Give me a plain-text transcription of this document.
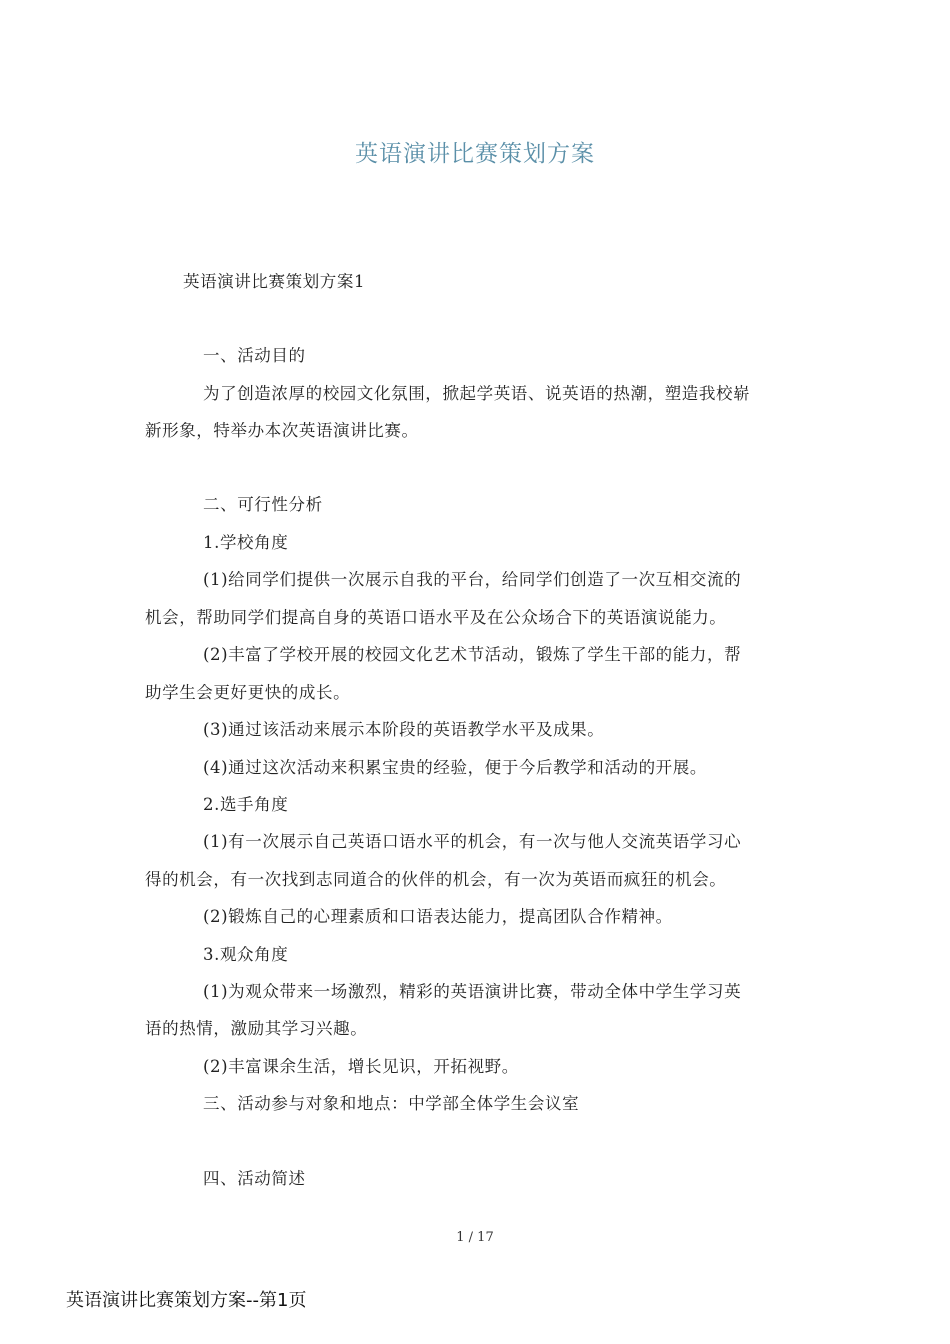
英语演讲比赛策划方案
英语演讲比赛策划方案1
一、活动目的
为了创造浓厚的校园文化氛围，掀起学英语、说英语的热潮，塑造我校崭
新形象，特举办本次英语演讲比赛。
二、可行性分析
1.学校角度
(1)给同学们提供一次展示自我的平台，给同学们创造了一次互相交流的
机会，帮助同学们提高自身的英语口语水平及在公众场合下的英语演说能力。
(2)丰富了学校开展的校园文化艺术节活动，锻炼了学生干部的能力，帮
助学生会更好更快的成长。
(3)通过该活动来展示本阶段的英语教学水平及成果。
(4)通过这次活动来积累宝贵的经验，便于今后教学和活动的开展。
2.选手角度
(1)有一次展示自己英语口语水平的机会，有一次与他人交流英语学习心
得的机会，有一次找到志同道合的伙伴的机会，有一次为英语而疯狂的机会。
(2)锻炼自己的心理素质和口语表达能力，提高团队合作精神。
3.观众角度
(1)为观众带来一场激烈，精彩的英语演讲比赛，带动全体中学生学习英
语的热情，激励其学习兴趣。
(2)丰富课余生活，增长见识，开拓视野。
三、活动参与对象和地点：中学部全体学生会议室
四、活动简述
1 / 17
英语演讲比赛策划方案--第1页
